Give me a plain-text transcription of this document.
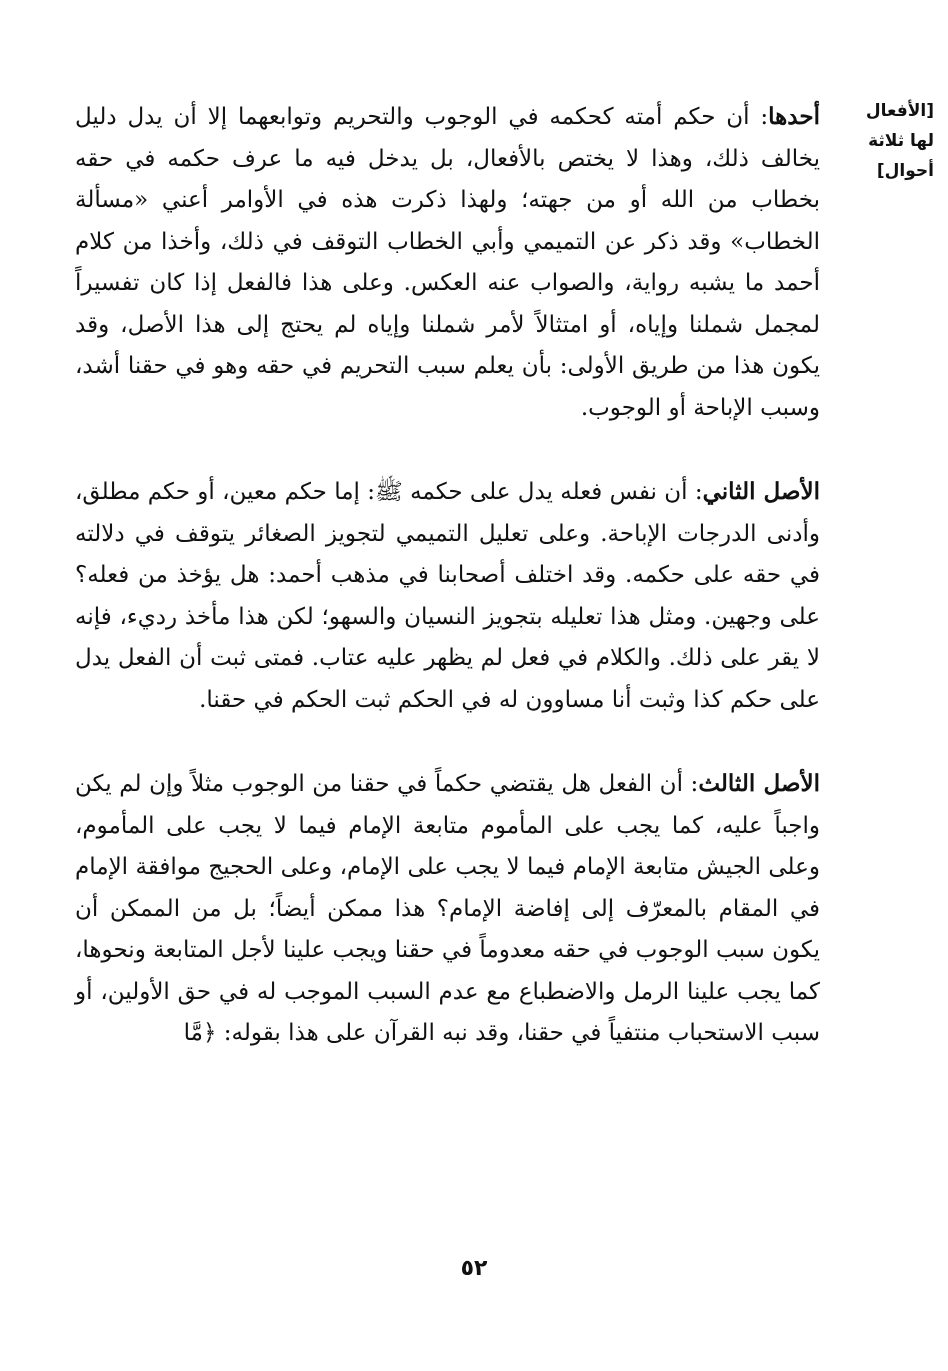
[الأفعال لها ثلاثة أحوال]

أحدها: أن حكم أمته كحكمه في الوجوب والتحريم وتوابعهما إلا أن يدل دليل يخالف ذلك، وهذا لا يختص بالأفعال، بل يدخل فيه ما عرف حكمه في حقه بخطاب من الله أو من جهته؛ ولهذا ذكرت هذه في الأوامر أعني «مسألة الخطاب» وقد ذكر عن التميمي وأبي الخطاب التوقف في ذلك، وأخذا من كلام أحمد ما يشبه رواية، والصواب عنه العكس. وعلى هذا فالفعل إذا كان تفسيراً لمجمل شملنا وإياه، أو امتثالاً لأمر شملنا وإياه لم يحتج إلى هذا الأصل، وقد يكون هذا من طريق الأولى: بأن يعلم سبب التحريم في حقه وهو في حقنا أشد، وسبب الإباحة أو الوجوب.

الأصل الثاني: أن نفس فعله يدل على حكمه ﷺ: إما حكم معين، أو حكم مطلق، وأدنى الدرجات الإباحة. وعلى تعليل التميمي لتجويز الصغائر يتوقف في دلالته في حقه على حكمه. وقد اختلف أصحابنا في مذهب أحمد: هل يؤخذ من فعله؟ على وجهين. ومثل هذا تعليله بتجويز النسيان والسهو؛ لكن هذا مأخذ رديء، فإنه لا يقر على ذلك. والكلام في فعل لم يظهر عليه عتاب. فمتى ثبت أن الفعل يدل على حكم كذا وثبت أنا مساوون له في الحكم ثبت الحكم في حقنا.

الأصل الثالث: أن الفعل هل يقتضي حكماً في حقنا من الوجوب مثلاً وإن لم يكن واجباً عليه، كما يجب على المأموم متابعة الإمام فيما لا يجب على المأموم، وعلى الجيش متابعة الإمام فيما لا يجب على الإمام، وعلى الحجيج موافقة الإمام في المقام بالمعرّف إلى إفاضة الإمام؟ هذا ممكن أيضاً؛ بل من الممكن أن يكون سبب الوجوب في حقه معدوماً في حقنا ويجب علينا لأجل المتابعة ونحوها، كما يجب علينا الرمل والاضطباع مع عدم السبب الموجب له في حق الأولين، أو سبب الاستحباب منتفياً في حقنا، وقد نبه القرآن على هذا بقوله: ﴿مَّا

٥٢
